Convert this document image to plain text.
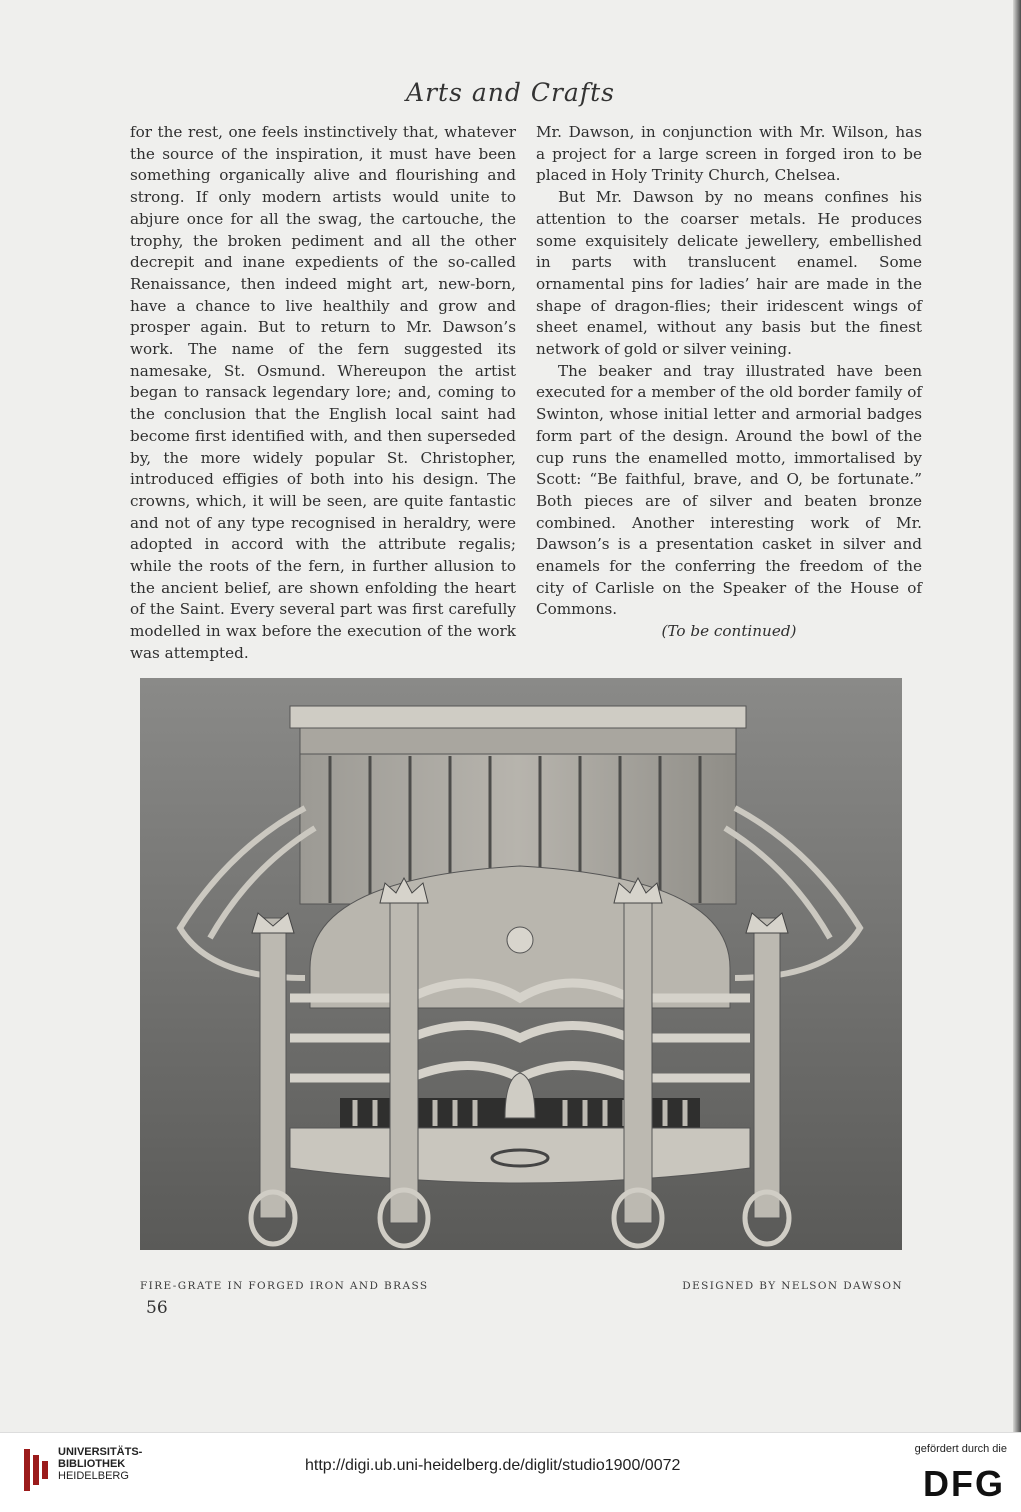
Arts and Crafts

for the rest, one feels instinctively that, whatever the source of the inspiration, it must have been something organically alive and flourishing and strong. If only modern artists would unite to abjure once for all the swag, the cartouche, the trophy, the broken pediment and all the other decrepit and inane expedients of the so-called Renaissance, then indeed might art, new-born, have a chance to live healthily and grow and prosper again. But to return to Mr. Dawson’s work. The name of the fern suggested its namesake, St. Osmund. Whereupon the artist began to ransack legendary lore; and, coming to the conclusion that the English local saint had become first identified with, and then superseded by, the more widely popular St. Christopher, introduced effigies of both into his design. The crowns, which, it will be seen, are quite fantastic and not of any type recognised in heraldry, were adopted in accord with the attribute regalis; while the roots of the fern, in further allusion to the ancient belief, are shown enfolding the heart of the Saint. Every several part was first carefully modelled in wax before the execution of the work was attempted.

Mr. Dawson, in conjunction with Mr. Wilson, has a project for a large screen in forged iron to be placed in Holy Trinity Church, Chelsea.

But Mr. Dawson by no means confines his attention to the coarser metals. He produces some exquisitely delicate jewellery, embellished in parts with translucent enamel. Some ornamental pins for ladies’ hair are made in the shape of dragon-flies; their iridescent wings of sheet enamel, without any basis but the finest network of gold or silver veining.

The beaker and tray illustrated have been executed for a member of the old border family of Swinton, whose initial letter and armorial badges form part of the design. Around the bowl of the cup runs the enamelled motto, immortalised by Scott: “Be faithful, brave, and O, be fortunate.” Both pieces are of silver and beaten bronze combined. Another interesting work of Mr. Dawson’s is a presentation casket in silver and enamels for the conferring the freedom of the city of Carlisle on the Speaker of the House of Commons.

(To be continued)

FIRE-GRATE IN FORGED IRON AND BRASS	DESIGNED BY NELSON DAWSON
56
UNIVERSITÄTS-
BIBLIOTHEK
HEIDELBERG
http://digi.ub.uni-heidelberg.de/diglit/studio1900/0072
gefördert durch die
DFG
